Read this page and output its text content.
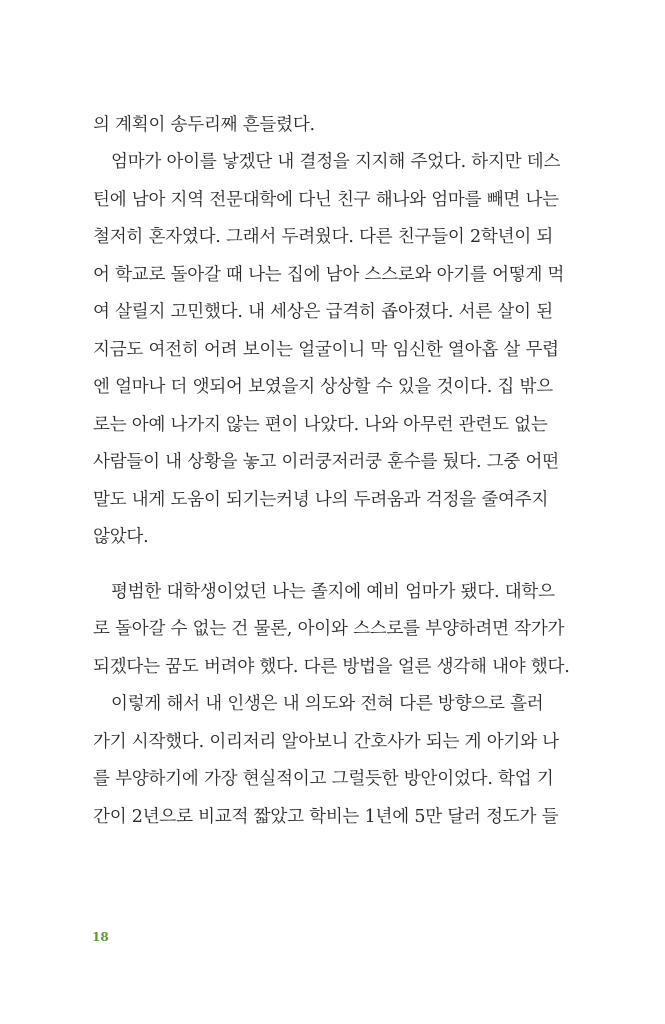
의 계획이 송두리째 흔들렸다.
엄마가 아이를 낳겠단 내 결정을 지지해 주었다. 하지만 데스
틴에 남아 지역 전문대학에 다닌 친구 해나와 엄마를 빼면 나는
철저히 혼자였다. 그래서 두려웠다. 다른 친구들이 2학년이 되
어 학교로 돌아갈 때 나는 집에 남아 스스로와 아기를 어떻게 먹
여 살릴지 고민했다. 내 세상은 급격히 좁아졌다. 서른 살이 된
지금도 여전히 어려 보이는 얼굴이니 막 임신한 열아홉 살 무렵
엔 얼마나 더 앳되어 보였을지 상상할 수 있을 것이다. 집 밖으
로는 아예 나가지 않는 편이 나았다. 나와 아무런 관련도 없는
사람들이 내 상황을 놓고 이러쿵저러쿵 훈수를 뒀다. 그중 어떤
말도 내게 도움이 되기는커녕 나의 두려움과 걱정을 줄여주지
않았다.
평범한 대학생이었던 나는 졸지에 예비 엄마가 됐다. 대학으
로 돌아갈 수 없는 건 물론, 아이와 스스로를 부양하려면 작가가
되겠다는 꿈도 버려야 했다. 다른 방법을 얼른 생각해 내야 했다.
이렇게 해서 내 인생은 내 의도와 전혀 다른 방향으로 흘러
가기 시작했다. 이리저리 알아보니 간호사가 되는 게 아기와 나
를 부양하기에 가장 현실적이고 그럴듯한 방안이었다. 학업 기
간이 2년으로 비교적 짧았고 학비는 1년에 5만 달러 정도가 들
18
